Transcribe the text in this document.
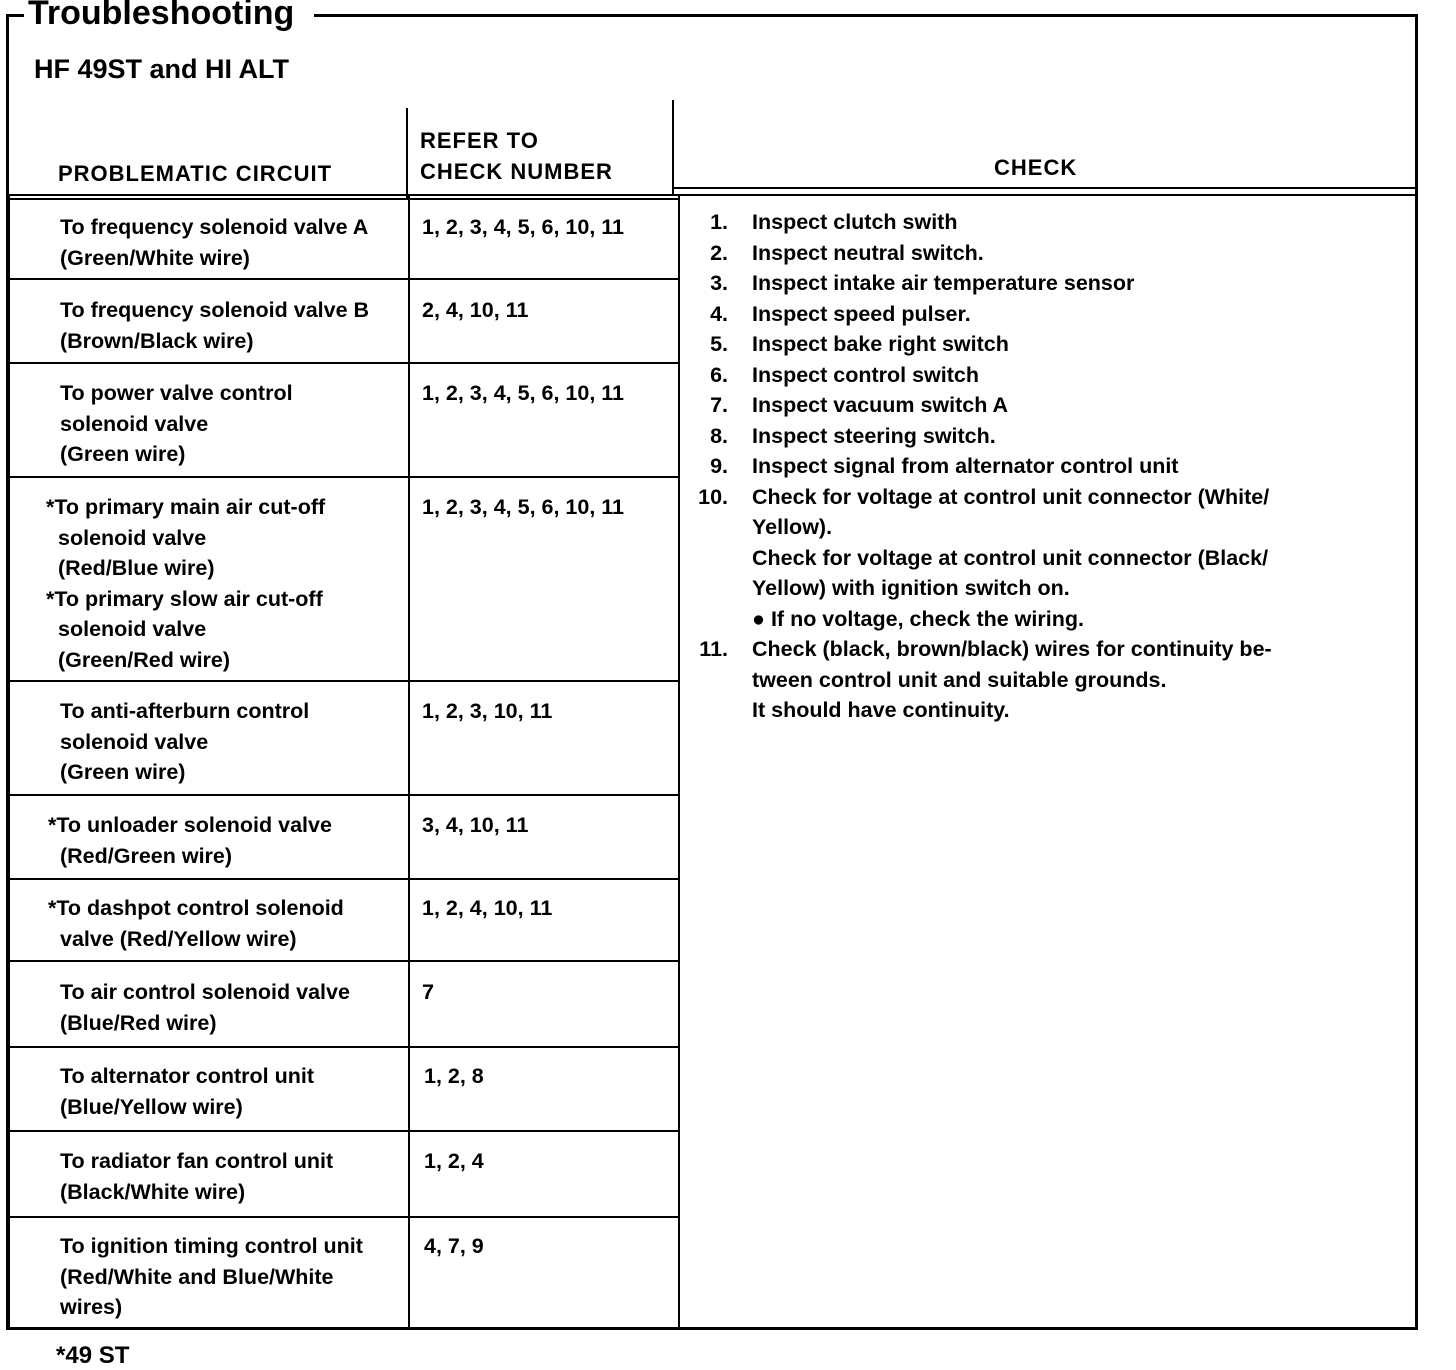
Troubleshooting
HF 49ST and HI ALT
PROBLEMATIC CIRCUIT
REFER TO
CHECK NUMBER	CHECK
To frequency solenoid valve A
(Green/White wire)
1, 2, 3, 4, 5, 6, 10, 11
To frequency solenoid valve B
(Brown/Black wire)
2, 4, 10, 11
To power valve control
solenoid valve
(Green wire)
1, 2, 3, 4, 5, 6, 10, 11
*To primary main air cut-off
solenoid valve
(Red/Blue wire)
*To primary slow air cut-off
solenoid valve
(Green/Red wire)
1, 2, 3, 4, 5, 6, 10, 11
To anti-afterburn control
solenoid valve
(Green wire)
1, 2, 3, 10, 11
*To unloader solenoid valve
(Red/Green wire)
3, 4, 10, 11
*To dashpot control solenoid
valve (Red/Yellow wire)
1, 2, 4, 10, 11
To air control solenoid valve
(Blue/Red wire)
7
To alternator control unit
(Blue/Yellow wire)
1, 2, 8
To radiator fan control unit
(Black/White wire)
1, 2, 4
To ignition timing control unit
(Red/White and Blue/White
wires)
4, 7, 9
1. Inspect clutch swith
2. Inspect neutral switch.
3. Inspect intake air temperature sensor
4. Inspect speed pulser.
5. Inspect bake right switch
6. Inspect control switch
7. Inspect vacuum switch A
8. Inspect steering switch.
9. Inspect signal from alternator control unit
10. Check for voltage at control unit connector (White/
Yellow).
Check for voltage at control unit connector (Black/
Yellow) with ignition switch on.
● If no voltage, check the wiring.
11. Check (black, brown/black) wires for continuity be-
tween control unit and suitable grounds.
It should have continuity.
*49 ST
